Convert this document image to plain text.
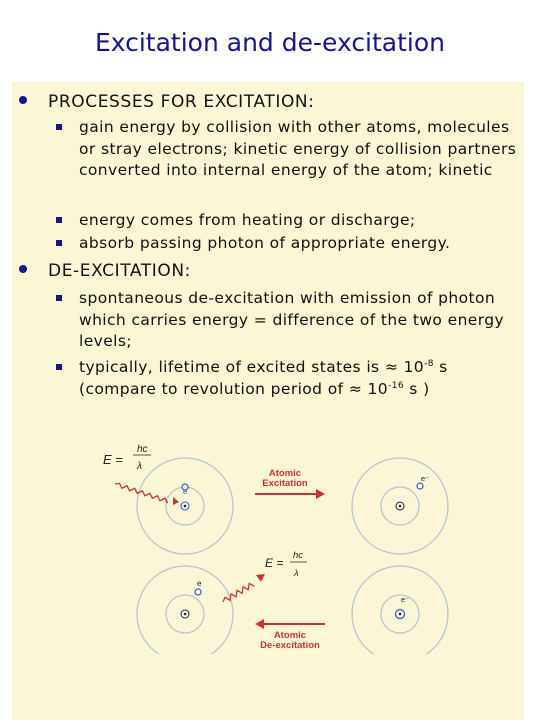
Excitation and de-excitation
PROCESSES FOR EXCITATION:
gain energy by collision with other atoms, molecules or stray electrons; kinetic energy of collision partners converted into internal energy of the atom; kinetic
energy comes from heating or discharge;
absorb passing photon of appropriate energy.
DE-EXCITATION:
spontaneous de-excitation with emission of photon which carries energy = difference of the two energy levels;
typically, lifetime of excited states is ≈ $10^{-8}$ s (compare to revolution period of ≈ $10^{-16}$ s )
E =
hc
λ
e
Atomic
Excitation	e⁻
E =
hc
λ
e
e⁻
Atomic
De-excitation
